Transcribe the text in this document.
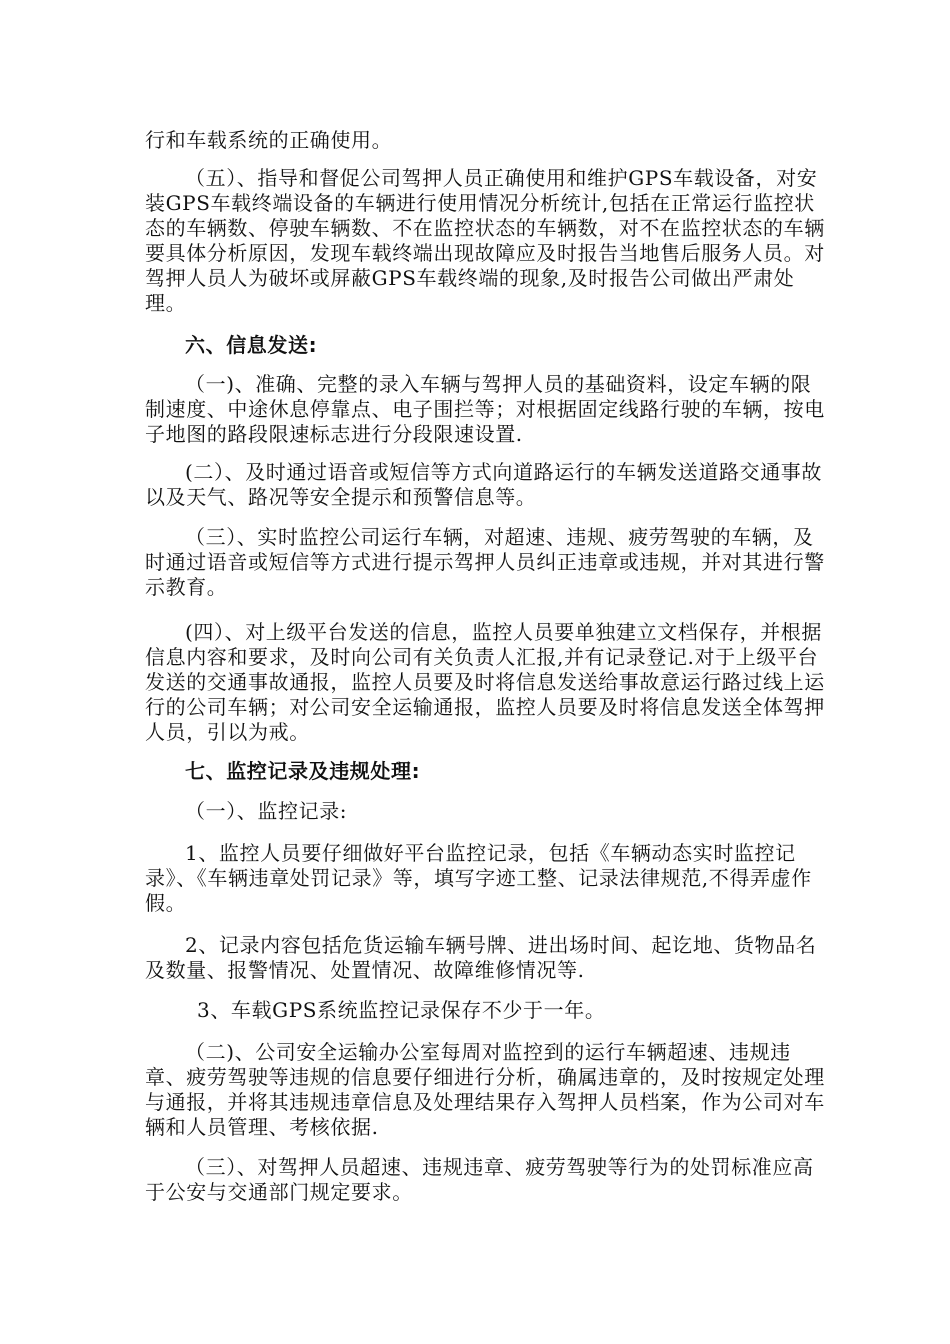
行和车载系统的正确使用。

（五）、指导和督促公司驾押人员正确使用和维护GPS车载设备，对安装GPS车载终端设备的车辆进行使用情况分析统计,包括在正常运行监控状态的车辆数、停驶车辆数、不在监控状态的车辆数，对不在监控状态的车辆要具体分析原因，发现车载终端出现故障应及时报告当地售后服务人员。对驾押人员人为破坏或屏蔽GPS车载终端的现象,及时报告公司做出严肃处理。

六、信息发送:

（一)、准确、完整的录入车辆与驾押人员的基础资料，设定车辆的限制速度、中途休息停靠点、电子围拦等；对根据固定线路行驶的车辆，按电子地图的路段限速标志进行分段限速设置.

(二）、及时通过语音或短信等方式向道路运行的车辆发送道路交通事故以及天气、路况等安全提示和预警信息等。

（三）、实时监控公司运行车辆，对超速、违规、疲劳驾驶的车辆，及时通过语音或短信等方式进行提示驾押人员纠正违章或违规，并对其进行警示教育。

(四）、对上级平台发送的信息，监控人员要单独建立文档保存，并根据信息内容和要求，及时向公司有关负责人汇报,并有记录登记.对于上级平台发送的交通事故通报，监控人员要及时将信息发送给事故意运行路过线上运行的公司车辆；对公司安全运输通报，监控人员要及时将信息发送全体驾押人员，引以为戒。

七、监控记录及违规处理:

（一）、监控记录:

1、监控人员要仔细做好平台监控记录，包括《车辆动态实时监控记录》、《车辆违章处罚记录》等，填写字迹工整、记录法律规范,不得弄虚作假。

2、记录内容包括危货运输车辆号牌、进出场时间、起讫地、货物品名及数量、报警情况、处置情况、故障维修情况等.

3、车载GPS系统监控记录保存不少于一年。

（二)、公司安全运输办公室每周对监控到的运行车辆超速、违规违章、疲劳驾驶等违规的信息要仔细进行分析，确属违章的，及时按规定处理与通报，并将其违规违章信息及处理结果存入驾押人员档案，作为公司对车辆和人员管理、考核依据.

（三）、对驾押人员超速、违规违章、疲劳驾驶等行为的处罚标准应高于公安与交通部门规定要求。
